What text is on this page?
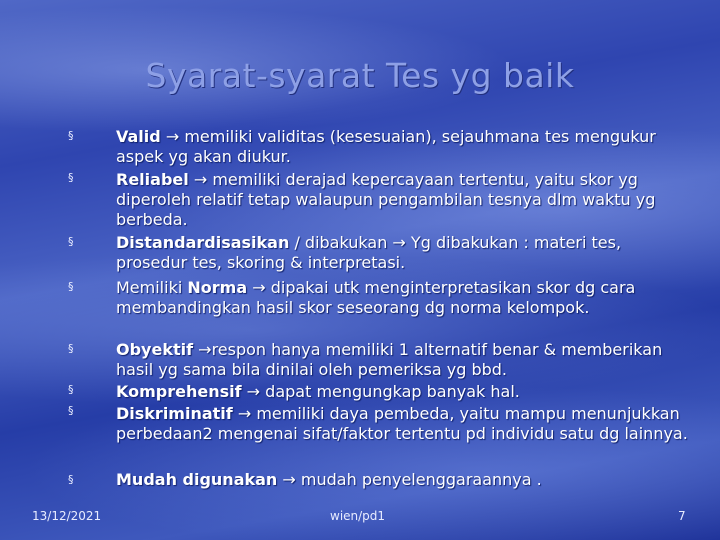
Syarat-syarat Tes yg baik
§
§
§
§
§
§
§
§
Valid → memiliki validitas (kesesuaian), sejauhmana tes mengukur aspek yg akan diukur.
Reliabel → memiliki derajad kepercayaan tertentu, yaitu skor yg diperoleh relatif tetap walaupun pengambilan tesnya dlm waktu yg berbeda.
Distandardisasikan / dibakukan → Yg dibakukan : materi tes, prosedur tes, skoring & interpretasi.
Memiliki Norma → dipakai utk menginterpretasikan skor dg cara membandingkan hasil skor seseorang dg norma kelompok.
Obyektif →respon hanya memiliki 1 alternatif benar & memberikan hasil yg sama bila dinilai oleh pemeriksa yg bbd.
Komprehensif → dapat mengungkap banyak hal.
Diskriminatif → memiliki daya pembeda, yaitu mampu menunjukkan perbedaan2 mengenai sifat/faktor tertentu pd individu satu dg lainnya.
Mudah digunakan → mudah penyelenggaraannya .
13/12/2021	wien/pd1	7
